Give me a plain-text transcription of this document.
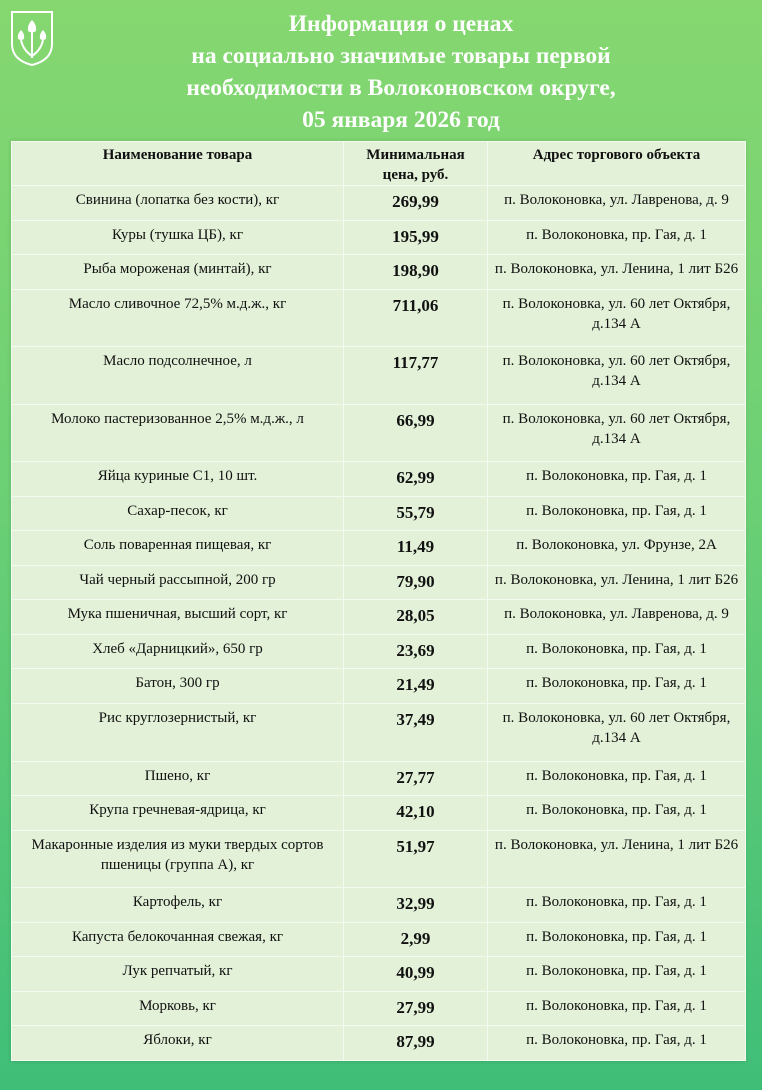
Информация о ценах
на социально значимые товары первой
необходимости в Волоконовском округе,
05 января 2026 год
Наименование товара	Минимальная цена, руб.	Адрес торгового объекта
Свинина (лопатка без кости), кг	269,99	п. Волоконовка, ул. Лавренова, д. 9
Куры (тушка ЦБ), кг	195,99	п. Волоконовка, пр. Гая, д. 1
Рыба мороженая (минтай), кг	198,90	п. Волоконовка, ул. Ленина, 1 лит Б26
Масло сливочное 72,5% м.д.ж., кг	711,06	п. Волоконовка, ул. 60 лет Октября, д.134 А
Масло подсолнечное, л	117,77	п. Волоконовка, ул. 60 лет Октября, д.134 А
Молоко пастеризованное 2,5% м.д.ж., л	66,99	п. Волоконовка, ул. 60 лет Октября, д.134 А
Яйца куриные С1, 10 шт.	62,99	п. Волоконовка, пр. Гая, д. 1
Сахар-песок, кг	55,79	п. Волоконовка, пр. Гая, д. 1
Соль поваренная пищевая, кг	11,49	п. Волоконовка, ул. Фрунзе, 2А
Чай черный рассыпной, 200 гр	79,90	п. Волоконовка, ул. Ленина, 1 лит Б26
Мука пшеничная, высший сорт, кг	28,05	п. Волоконовка, ул. Лавренова, д. 9
Хлеб «Дарницкий», 650 гр	23,69	п. Волоконовка, пр. Гая, д. 1
Батон, 300 гр	21,49	п. Волоконовка, пр. Гая, д. 1
Рис круглозернистый, кг	37,49	п. Волоконовка, ул. 60 лет Октября, д.134 А
Пшено, кг	27,77	п. Волоконовка, пр. Гая, д. 1
Крупа гречневая-ядрица, кг	42,10	п. Волоконовка, пр. Гая, д. 1
Макаронные изделия из муки твердых сортов пшеницы (группа А), кг	51,97	п. Волоконовка, ул. Ленина, 1 лит Б26
Картофель, кг	32,99	п. Волоконовка, пр. Гая, д. 1
Капуста белокочанная свежая, кг	2,99	п. Волоконовка, пр. Гая, д. 1
Лук репчатый, кг	40,99	п. Волоконовка, пр. Гая, д. 1
Морковь, кг	27,99	п. Волоконовка, пр. Гая, д. 1
Яблоки, кг	87,99	п. Волоконовка, пр. Гая, д. 1
